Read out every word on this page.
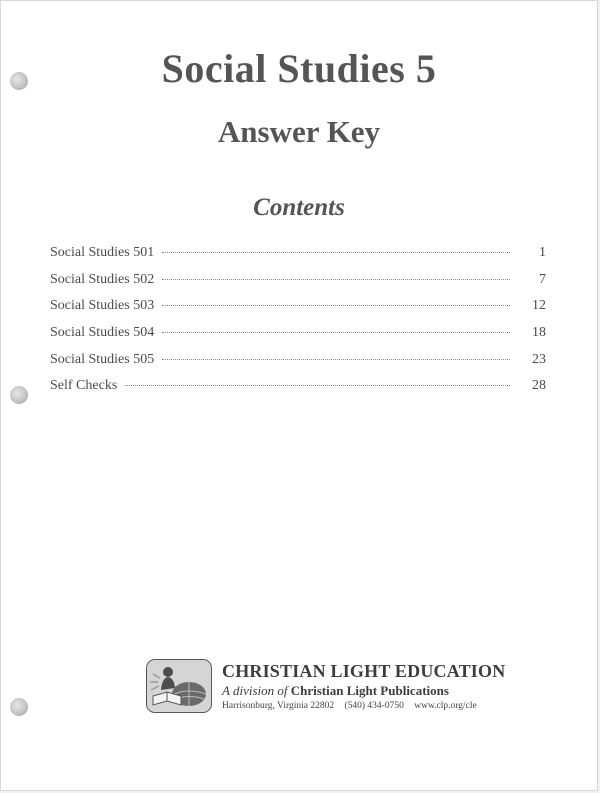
Social Studies 5
Answer Key
Contents
Social Studies 501	1
Social Studies 502	7
Social Studies 503	12
Social Studies 504	18
Social Studies 505	23
Self Checks	28
CHRISTIAN LIGHT EDUCATION
A division of Christian Light Publications
Harrisonburg, Virginia 22802 (540) 434-0750 www.clp.org/cle
